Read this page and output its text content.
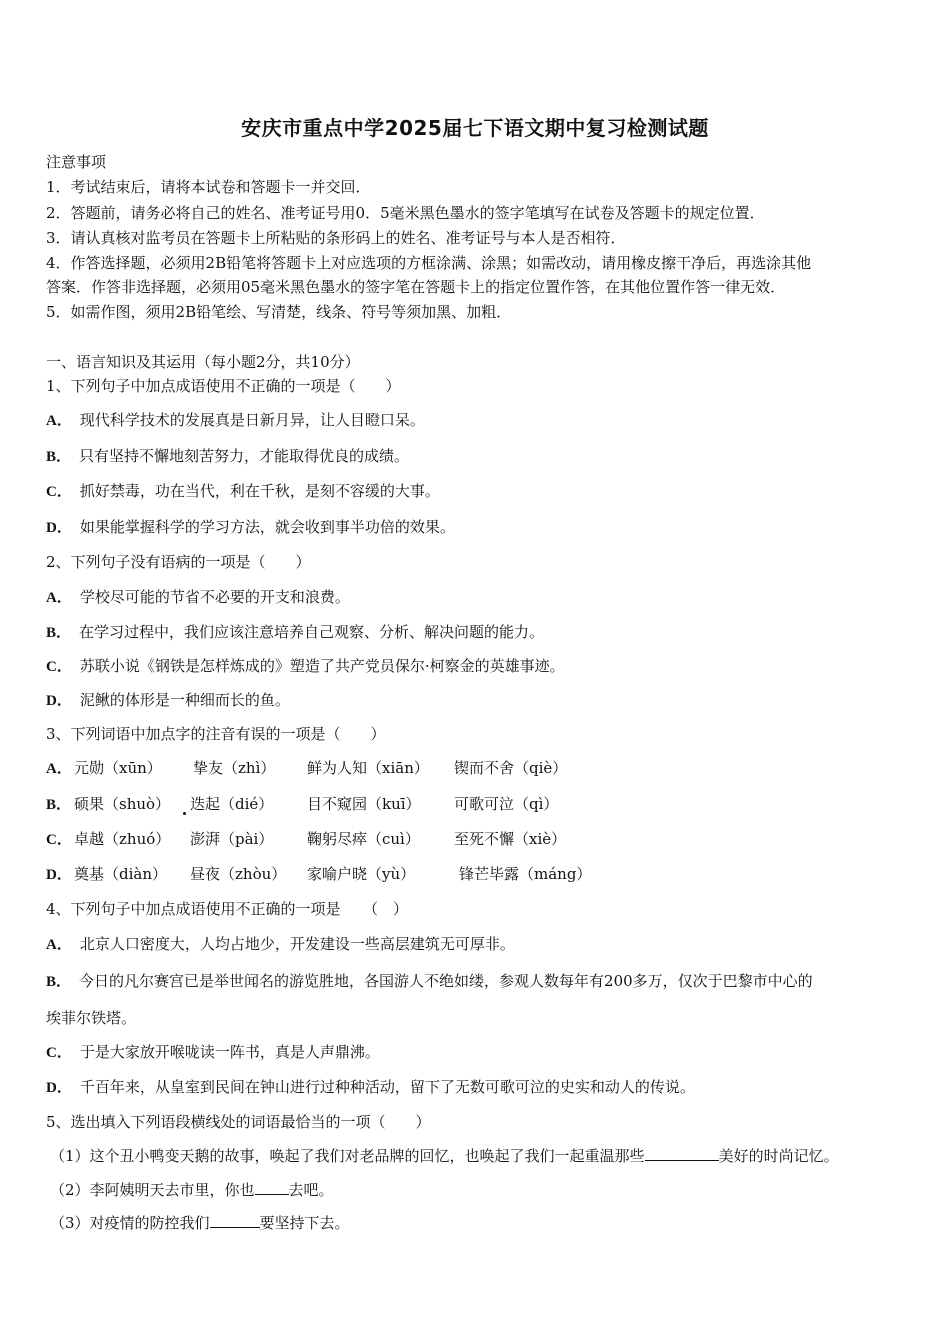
安庆市重点中学2025届七下语文期中复习检测试题
注意事项
1．考试结束后，请将本试卷和答题卡一并交回．
2．答题前，请务必将自己的姓名、准考证号用0．5毫米黑色墨水的签字笔填写在试卷及答题卡的规定位置．
3．请认真核对监考员在答题卡上所粘贴的条形码上的姓名、准考证号与本人是否相符．
4．作答选择题，必须用2B铅笔将答题卡上对应选项的方框涂满、涂黑；如需改动，请用橡皮擦干净后，再选涂其他
答案．作答非选择题，必须用05毫米黑色墨水的签字笔在答题卡上的指定位置作答，在其他位置作答一律无效．
5．如需作图，须用2B铅笔绘、写清楚，线条、符号等须加黑、加粗．
一、语言知识及其运用（每小题2分，共10分）
1、下列句子中加点成语使用不正确的一项是（　　）
A． 现代科学技术的发展真是日新月异，让人目瞪口呆。
B． 只有坚持不懈地刻苦努力，才能取得优良的成绩。
C． 抓好禁毒，功在当代，利在千秋，是刻不容缓的大事。
D． 如果能掌握科学的学习方法，就会收到事半功倍的效果。
2、下列句子没有语病的一项是（　　）
A． 学校尽可能的节省不必要的开支和浪费。
B． 在学习过程中，我们应该注意培养自己观察、分析、解决问题的能力。
C． 苏联小说《钢铁是怎样炼成的》塑造了共产党员保尔·柯察金的英雄事迹。
D． 泥鳅的体形是一种细而长的鱼。
3、下列词语中加点字的注音有误的一项是（　　）
A． 元勋（xūn） 挚友（zhì） 鲜为人知（xiān） 锲而不舍（qiè）
B． 硕果（shuò） 迭起（dié） 目不窥园（kuī） 可歌可泣（qì）
C． 卓越（zhuó） 澎湃（pài） 鞠躬尽瘁（cuì） 至死不懈（xiè）
D． 奠基（diàn） 昼夜（zhòu） 家喻户晓（yù）	锋芒毕露（máng）
4、下列句子中加点成语使用不正确的一项是　　（　）
A． 北京人口密度大，人均占地少，开发建设一些高层建筑无可厚非。
B． 今日的凡尔赛宫已是举世闻名的游览胜地，各国游人不绝如缕，参观人数每年有200多万，仅次于巴黎市中心的
埃菲尔铁塔。
C． 于是大家放开喉咙读一阵书，真是人声鼎沸。
D． 千百年来，从皇室到民间在钟山进行过种种活动，留下了无数可歌可泣的史实和动人的传说。
5、选出填入下列语段横线处的词语最恰当的一项（　　）
（1）这个丑小鸭变天鹅的故事，唤起了我们对老品牌的回忆，也唤起了我们一起重温那些	美好的时尚记忆。
（2）李阿姨明天去市里，你也 去吧。
（3）对疫情的防控我们	要坚持下去。
